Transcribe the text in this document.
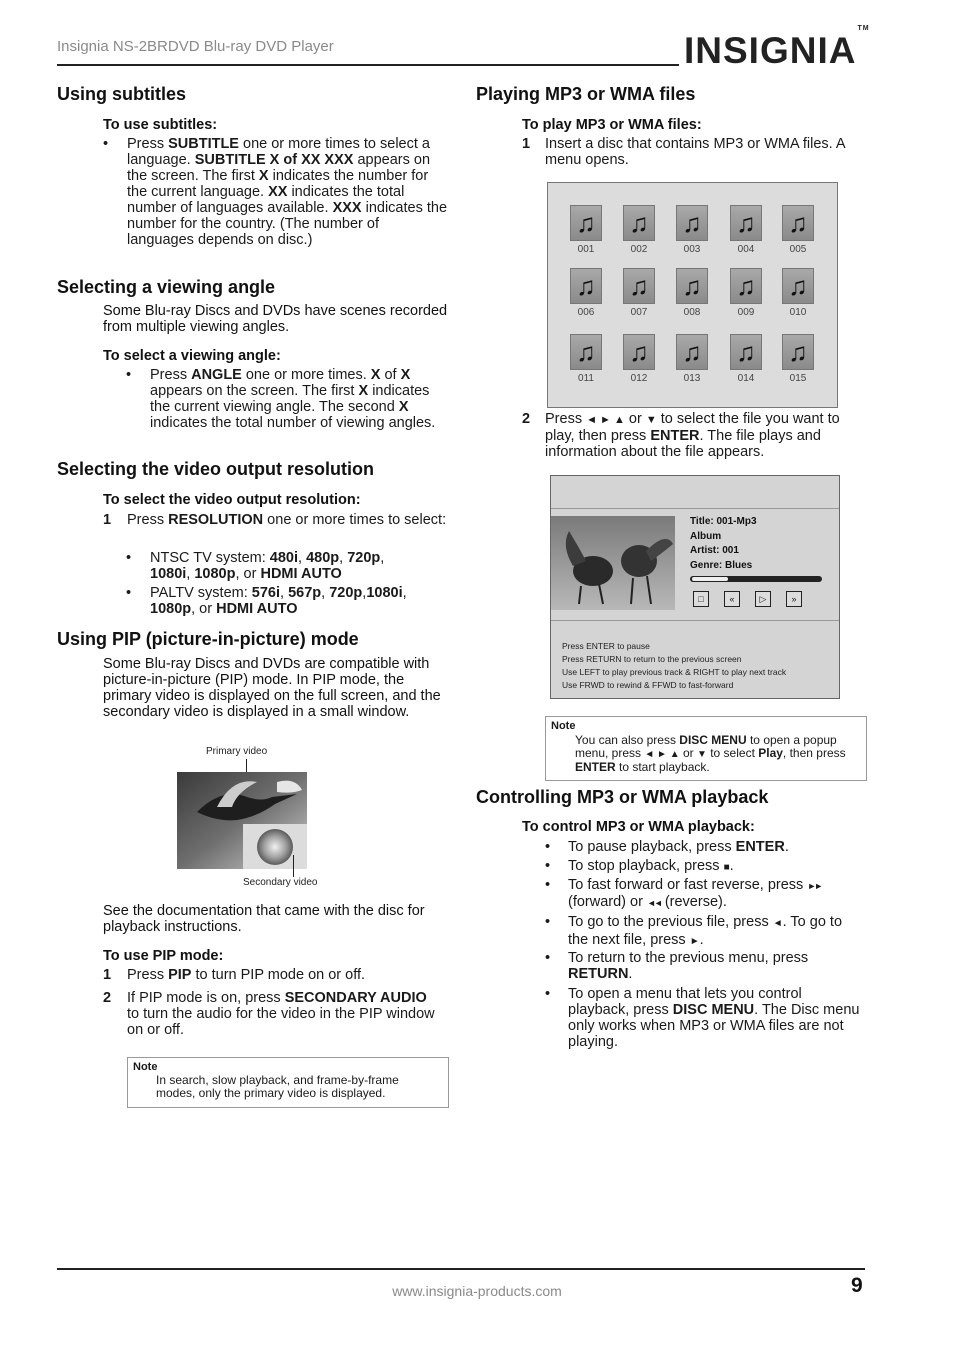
Insignia NS-2BRDVD Blu-ray DVD Player	INSIGNIA™
Using subtitles
To use subtitles:
• Press SUBTITLE one or more times to select a language. SUBTITLE X of XX XXX appears on the screen. The first X indicates the number for the current language. XX indicates the total number of languages available. XXX indicates the number for the country. (The number of languages depends on disc.)
Selecting a viewing angle
Some Blu-ray Discs and DVDs have scenes recorded from multiple viewing angles.
To select a viewing angle:
• Press ANGLE one or more times. X of X appears on the screen. The first X indicates the current viewing angle. The second X indicates the total number of viewing angles.
Selecting the video output resolution
To select the video output resolution:
1 Press RESOLUTION one or more times to select:
• NTSC TV system: 480i, 480p, 720p,
1080i, 1080p, or HDMI AUTO
• PALTV system: 576i, 567p, 720p,1080i,
1080p, or HDMI AUTO
Using PIP (picture-in-picture) mode
Some Blu-ray Discs and DVDs are compatible with picture-in-picture (PIP) mode. In PIP mode, the primary video is displayed on the full screen, and the secondary video is displayed in a small window.
Primary video
Secondary video
See the documentation that came with the disc for playback instructions.
To use PIP mode:
1 Press PIP to turn PIP mode on or off.
2 If PIP mode is on, press SECONDARY AUDIO to turn the audio for the video in the PIP window on or off.
Note
In search, slow playback, and frame-by-frame modes, only the primary video is displayed.
Playing MP3 or WMA files
To play MP3 or WMA files:
1 Insert a disc that contains MP3 or WMA files. A menu opens.
♫
001
♫
002
♫
003
♫
004
♫
005
♫
006
♫
007
♫
008
♫
009
♫
010
♫
011
♫
012
♫
013
♫
014
♫
015
2 Press ◄ ► ▲ or ▼ to select the file you want to play, then press ENTER. The file plays and information about the file appears.
Title: 001-Mp3
Album
Artist: 001
Genre: Blues
□	«	▷	»
Press ENTER to pause
Press RETURN to return to the previous screen
Use LEFT to play previous track & RIGHT to play next track
Use FRWD to rewind & FFWD to fast-forward
Note
You can also press DISC MENU to open a popup menu, press ◄ ► ▲ or ▼ to select Play, then press ENTER to start playback.
Controlling MP3 or WMA playback
To control MP3 or WMA playback:
• To pause playback, press ENTER.
• To stop playback, press ■.
• To fast forward or fast reverse, press ►► (forward) or ◄◄ (reverse).
• To go to the previous file, press ◄. To go to the next file, press ►.
• To return to the previous menu, press RETURN.
• To open a menu that lets you control playback, press DISC MENU. The Disc menu only works when MP3 or WMA files are not playing.
www.insignia-products.com	9
